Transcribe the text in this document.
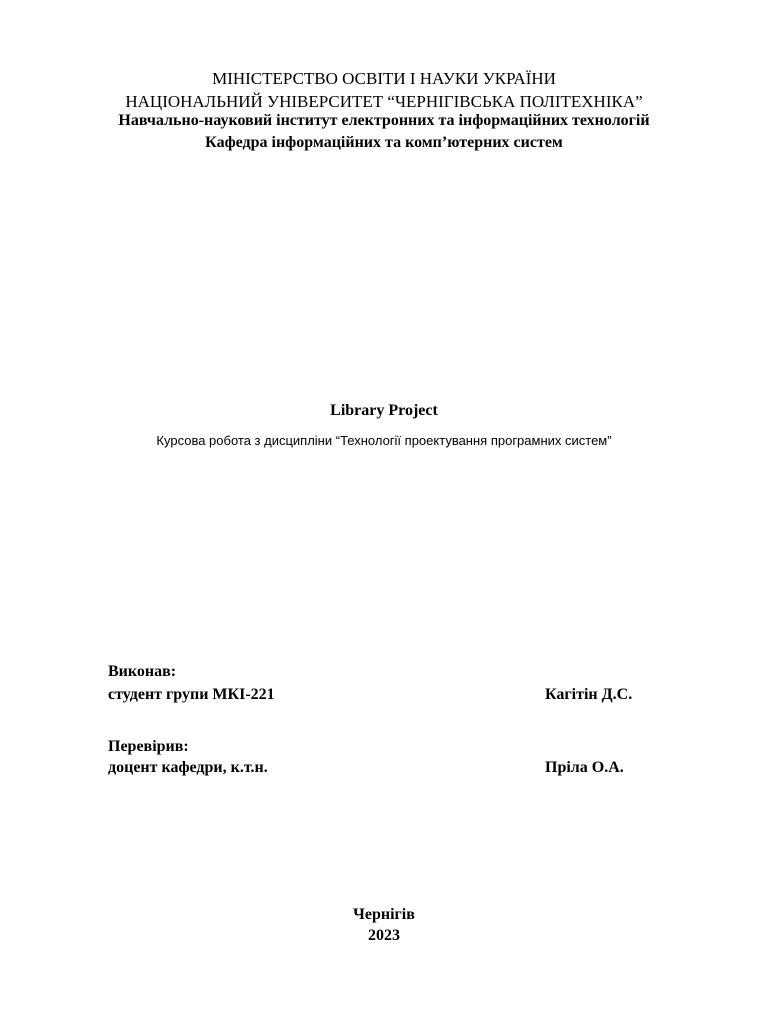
МІНІСТЕРСТВО ОСВІТИ І НАУКИ УКРАЇНИ
НАЦІОНАЛЬНИЙ УНІВЕРСИТЕТ “ЧЕРНІГІВСЬКА ПОЛІТЕХНІКА”
Навчально-науковий інститут електронних та інформаційних технологій
Кафедра інформаційних та комп’ютерних систем
Library Project
Курсова робота з дисципліни “Технології проектування програмних систем”
Виконав:
студент групи МКІ-221	Кагітін Д.С.
Перевірив:
доцент кафедри, к.т.н.	Пріла О.А.
Чернігів
2023
